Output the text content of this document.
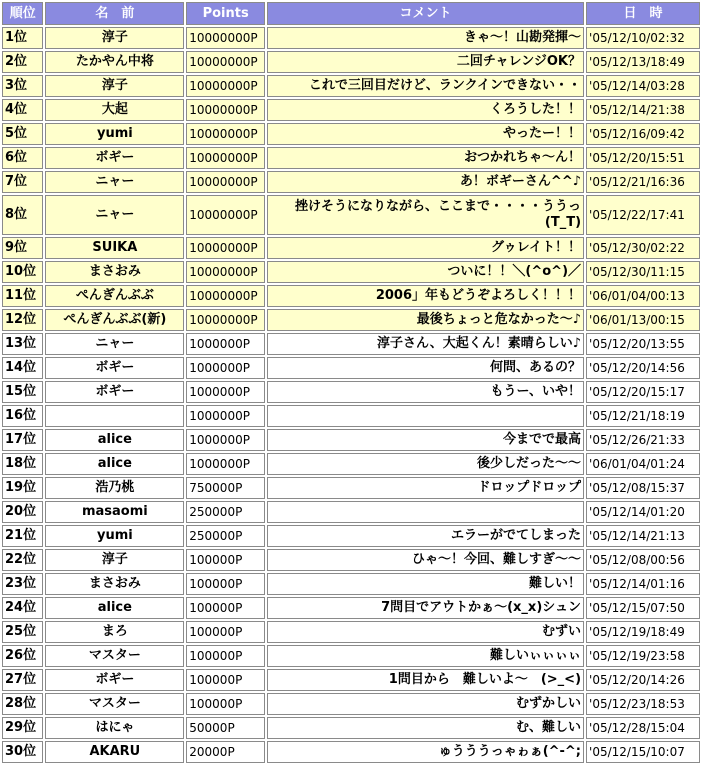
順位	名　前	Points	コメント	日　時
1位	淳子	10000000P	きゃ〜！山勘発揮〜	'05/12/10/02:32
2位	たかやん中将	10000000P	二回チャレンジOK？	'05/12/13/18:49
3位	淳子	10000000P	これで三回目だけど、ランクインできない・・	'05/12/14/03:28
4位	大起	10000000P	くろうした！！	'05/12/14/21:38
5位	yumi	10000000P	やったー！！	'05/12/16/09:42
6位	ボギー	10000000P	おつかれちゃ〜ん！	'05/12/20/15:51
7位	ニャー	10000000P	あ！ボギーさん^^♪	'05/12/21/16:36
8位	ニャー	10000000P	挫けそうになりながら、ここまで・・・・ううっ(T_T)	'05/12/22/17:41
9位	SUIKA	10000000P	グゥレイト！！	'05/12/30/02:22
10位	まさおみ	10000000P	ついに！！＼(^o^)／	'05/12/30/11:15
11位	ぺんぎんぶぶ	10000000P	2006」年もどうぞよろしく！！！	'06/01/04/00:13
12位	ぺんぎんぶぶ(新)	10000000P	最後ちょっと危なかった〜♪	'06/01/13/00:15
13位	ニャー	1000000P	淳子さん、大起くん！素晴らしい♪	'05/12/20/13:55
14位	ボギー	1000000P	何問、あるの？	'05/12/20/14:56
15位	ボギー	1000000P	もうー、いや！	'05/12/20/15:17
16位		1000000P		'05/12/21/18:19
17位	alice	1000000P	今までで最高	'05/12/26/21:33
18位	alice	1000000P	後少しだった〜〜	'06/01/04/01:24
19位	浩乃桃	750000P	ドロップドロップ	'05/12/08/15:37
20位	masaomi	250000P		'05/12/14/01:20
21位	yumi	250000P	エラーがでてしまった	'05/12/14/21:13
22位	淳子	100000P	ひゃ〜！今回、難しすぎ〜〜	'05/12/08/00:56
23位	まさおみ	100000P	難しい！	'05/12/14/01:16
24位	alice	100000P	7問目でアウトかぁ〜(x_x)シュン	'05/12/15/07:50
25位	まろ	100000P	むずい	'05/12/19/18:49
26位	マスター	100000P	難しいぃぃぃぃ	'05/12/19/23:58
27位	ボギー	100000P	1問目から　難しいよ〜　(>_<)	'05/12/20/14:26
28位	マスター	100000P	むずかしい	'05/12/23/18:53
29位	はにゃ	50000P	む、難しい	'05/12/28/15:04
30位	AKARU	20000P	ゅうううっゃゎぁ(^-^;	'05/12/15/10:07
